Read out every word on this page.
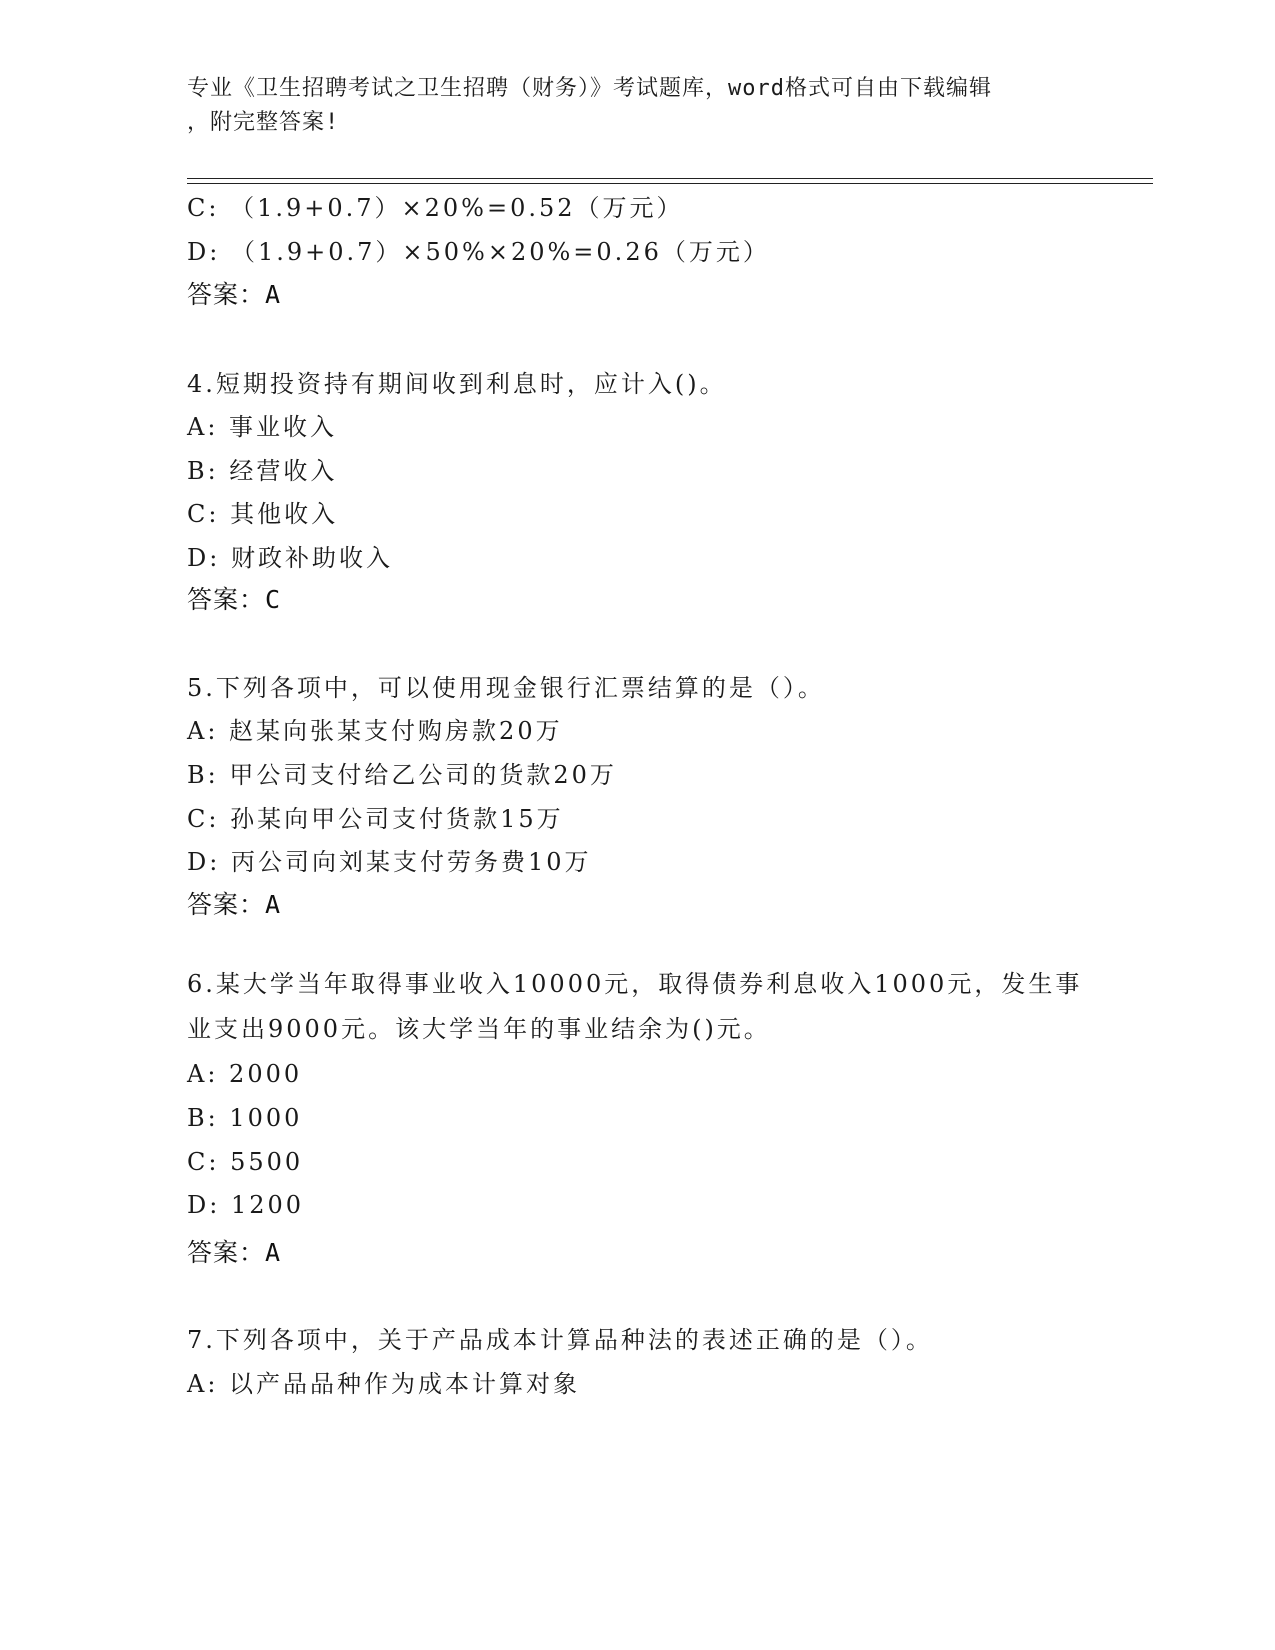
专业《卫生招聘考试之卫生招聘（财务）》考试题库，word格式可自由下载编辑
，附完整答案!
C: （1.9+0.7）×20%=0.52（万元）
D: （1.9+0.7）×50%×20%=0.26（万元）
答案：A
4.短期投资持有期间收到利息时，应计入()。
A: 事业收入
B: 经营收入
C: 其他收入
D: 财政补助收入
答案：C
5.下列各项中，可以使用现金银行汇票结算的是（）。
A: 赵某向张某支付购房款20万
B: 甲公司支付给乙公司的货款20万
C: 孙某向甲公司支付货款15万
D: 丙公司向刘某支付劳务费10万
答案：A
6.某大学当年取得事业收入10000元，取得债券利息收入1000元，发生事业支出9000元。该大学当年的事业结余为()元。
A: 2000
B: 1000
C: 5500
D: 1200
答案：A
7.下列各项中，关于产品成本计算品种法的表述正确的是（）。
A: 以产品品种作为成本计算对象
